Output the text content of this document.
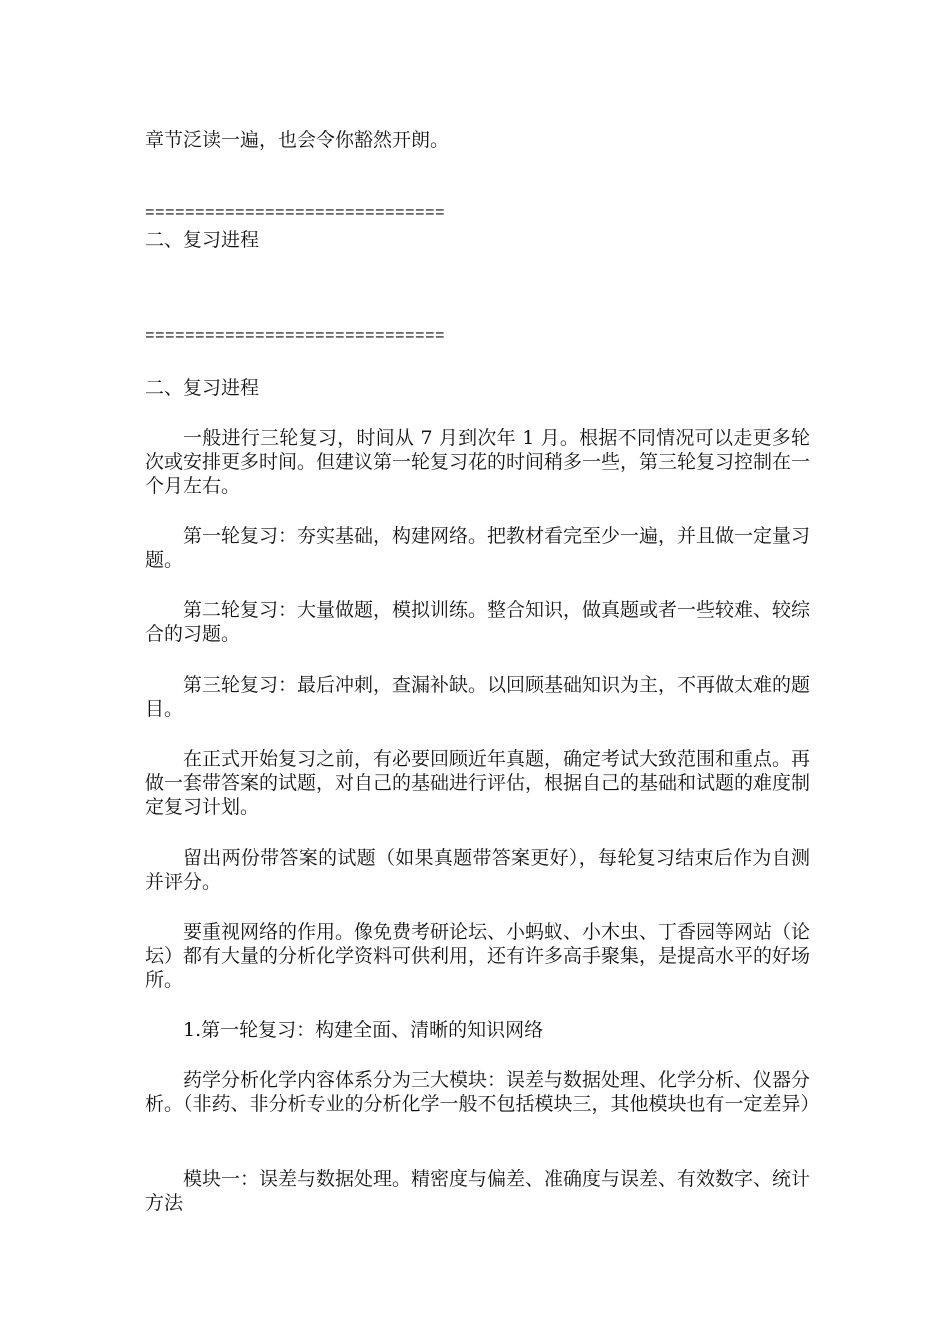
章节泛读一遍，也会令你豁然开朗。

==============================

二、复习进程

==============================

二、复习进程

一般进行三轮复习，时间从 7 月到次年 1 月。根据不同情况可以走更多轮次或安排更多时间。但建议第一轮复习花的时间稍多一些，第三轮复习控制在一个月左右。

第一轮复习：夯实基础，构建网络。把教材看完至少一遍，并且做一定量习题。

第二轮复习：大量做题，模拟训练。整合知识，做真题或者一些较难、较综合的习题。

第三轮复习：最后冲刺，查漏补缺。以回顾基础知识为主，不再做太难的题目。

在正式开始复习之前，有必要回顾近年真题，确定考试大致范围和重点。再做一套带答案的试题，对自己的基础进行评估，根据自己的基础和试题的难度制定复习计划。

留出两份带答案的试题（如果真题带答案更好），每轮复习结束后作为自测并评分。

要重视网络的作用。像免费考研论坛、小蚂蚁、小木虫、丁香园等网站（论坛）都有大量的分析化学资料可供利用，还有许多高手聚集，是提高水平的好场所。

1.第一轮复习：构建全面、清晰的知识网络

药学分析化学内容体系分为三大模块：误差与数据处理、化学分析、仪器分析。（非药、非分析专业的分析化学一般不包括模块三，其他模块也有一定差异）

模块一：误差与数据处理。精密度与偏差、准确度与误差、有效数字、统计方法
